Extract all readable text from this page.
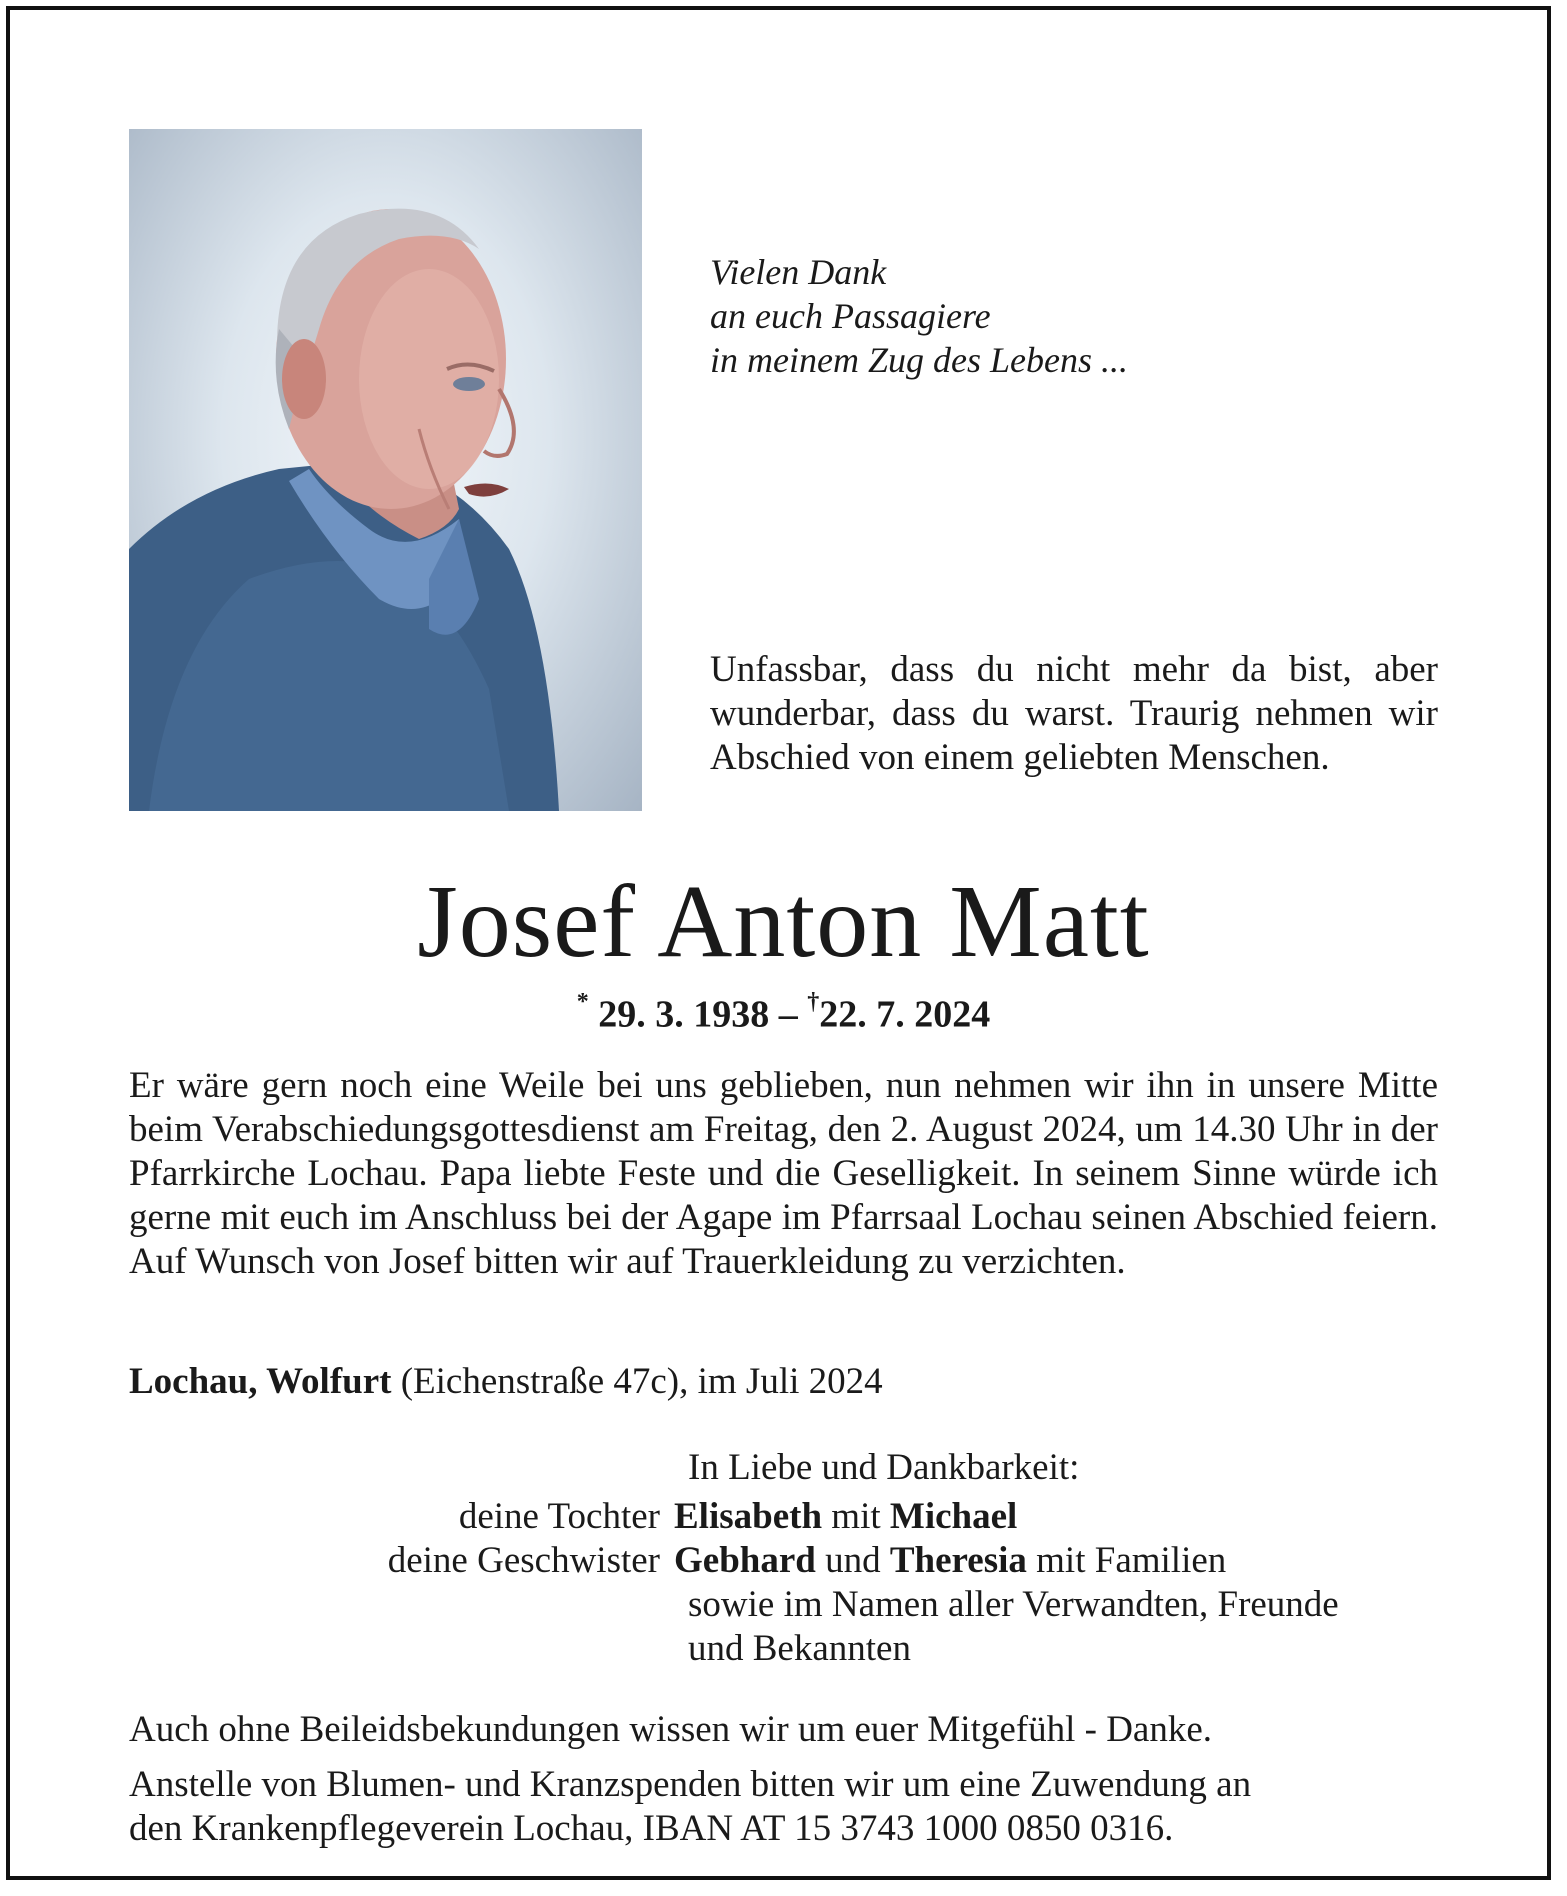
Vielen Dank
an euch Passagiere
in meinem Zug des Lebens ...
Unfassbar, dass du nicht mehr da bist, aber wunderbar, dass du warst. Traurig nehmen wir Abschied von einem geliebten Menschen.
Josef Anton Matt
* 29. 3. 1938 – †22. 7. 2024
Er wäre gern noch eine Weile bei uns geblieben, nun nehmen wir ihn in unsere Mitte beim Verabschiedungsgottesdienst am Freitag, den 2. August 2024, um 14.30 Uhr in der Pfarrkirche Lochau. Papa liebte Feste und die Geselligkeit. In seinem Sinne würde ich gerne mit euch im Anschluss bei der Agape im Pfarrsaal Lochau seinen Abschied feiern. Auf Wunsch von Josef bitten wir auf Trauerkleidung zu verzichten.
Lochau, Wolfurt (Eichenstraße 47c), im Juli 2024
In Liebe und Dankbarkeit:
deine Tochter Elisabeth mit Michael
deine Geschwister Gebhard und Theresia mit Familien
sowie im Namen aller Verwandten, Freunde
und Bekannten
Auch ohne Beileidsbekundungen wissen wir um euer Mitgefühl - Danke.
Anstelle von Blumen- und Kranzspenden bitten wir um eine Zuwendung an
den Krankenpflegeverein Lochau, IBAN AT 15 3743 1000 0850 0316.
